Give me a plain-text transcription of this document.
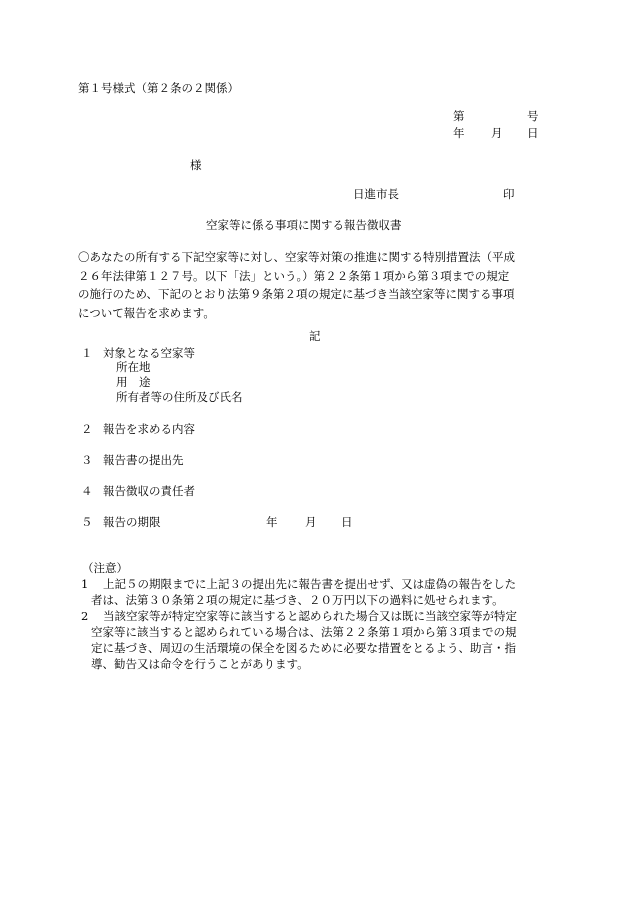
第１号様式（第２条の２関係）
第	号
年 月 日
様
日進市長	印
空家等に係る事項に関する報告徴収書
〇あなたの所有する下記空家等に対し、空家等対策の推進に関する特別措置法（平成
２６年法律第１２７号。以下「法」という。）第２２条第１項から第３項までの規定
の施行のため、下記のとおり法第９条第２項の規定に基づき当該空家等に関する事項
について報告を求めます。
記
１ 対象となる空家等
所在地
用　途
所有者等の住所及び氏名
２ 報告を求める内容
３ 報告書の提出先
４ 報告徴収の責任者
５ 報告の期限	年 月 日
（注意）
1 上記５の期限までに上記３の提出先に報告書を提出せず、又は虚偽の報告をした
者は、法第３０条第２項の規定に基づき、２０万円以下の過料に処せられます。
2 当該空家等が特定空家等に該当すると認められた場合又は既に当該空家等が特定
空家等に該当すると認められている場合は、法第２２条第１項から第３項までの規
定に基づき、周辺の生活環境の保全を図るために必要な措置をとるよう、助言・指
導、勧告又は命令を行うことがあります。
